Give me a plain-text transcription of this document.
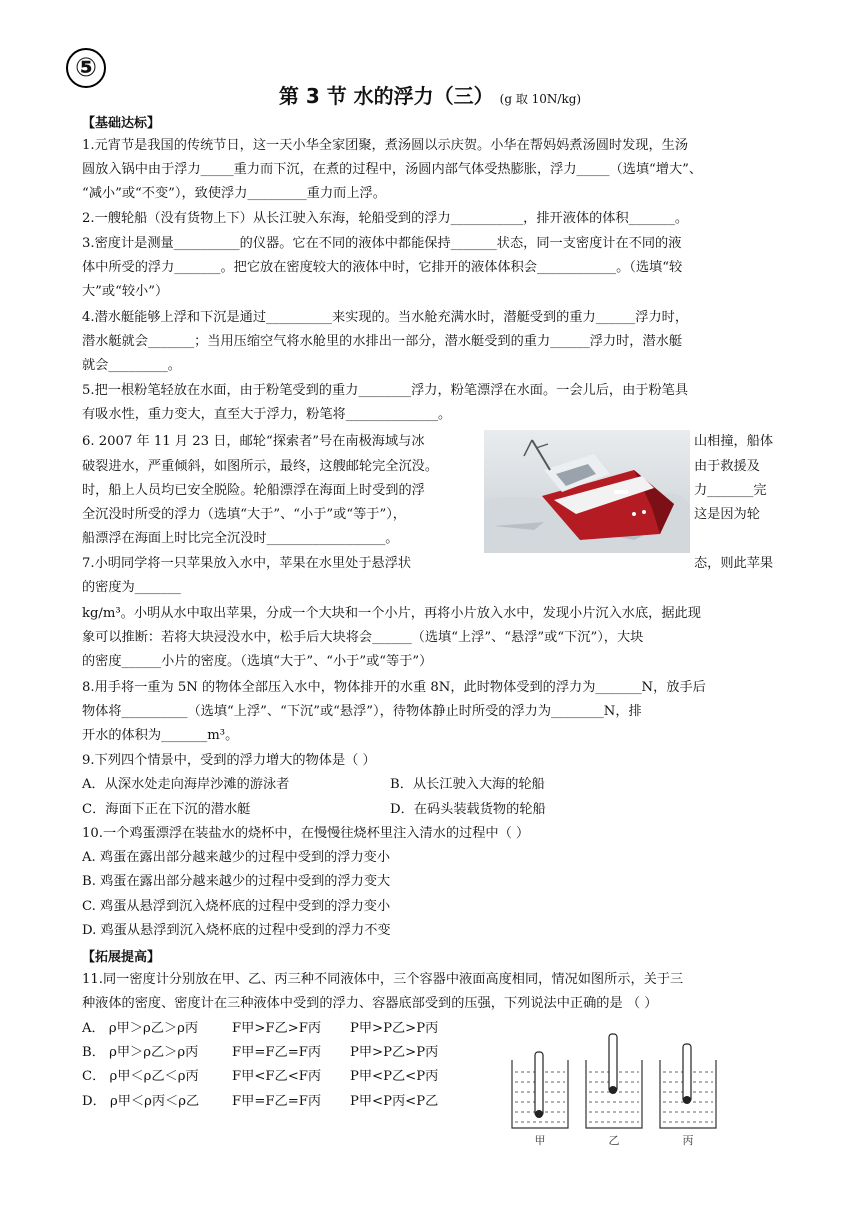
⑤
第 3 节 水的浮力（三） (g 取 10N/kg)
【基础达标】
1.元宵节是我国的传统节日，这一天小华全家团聚，煮汤圆以示庆贺。小华在帮妈妈煮汤圆时发现，生汤
圆放入锅中由于浮力_____重力而下沉，在煮的过程中，汤圆内部气体受热膨胀，浮力_____（选填“增大”、
“减小”或“不变”），致使浮力_________重力而上浮。
2.一艘轮船（没有货物上下）从长江驶入东海，轮船受到的浮力___________，排开液体的体积_______。
3.密度计是测量__________的仪器。它在不同的液体中都能保持_______状态，同一支密度计在不同的液
体中所受的浮力_______。把它放在密度较大的液体中时，它排开的液体体积会____________。（选填“较
大”或“较小”）
4.潜水艇能够上浮和下沉是通过__________来实现的。当水舱充满水时，潜艇受到的重力______浮力时，
潜水艇就会_______；当用压缩空气将水舱里的水排出一部分，潜水艇受到的重力______浮力时，潜水艇
就会_________。
5.把一根粉笔轻放在水面，由于粉笔受到的重力________浮力，粉笔漂浮在水面。一会儿后，由于粉笔具
有吸水性，重力变大，直至大于浮力，粉笔将______________。
6. 2007 年 11 月 23 日，邮轮“探索者”号在南极海域与冰
破裂进水，严重倾斜，如图所示，最终，这艘邮轮完全沉没。
时，船上人员均已安全脱险。轮船漂浮在海面上时受到的浮
全沉没时所受的浮力（选填“大于”、“小于”或“等于”），
船漂浮在海面上时比完全沉没时__________________。
山相撞，船体
由于救援及
力_______完
这是因为轮
7.小明同学将一只苹果放入水中，苹果在水里处于悬浮状	态，则此苹果
的密度为_______
kg/m³。小明从水中取出苹果，分成一个大块和一个小片，再将小片放入水中，发现小片沉入水底，据此现
象可以推断：若将大块浸没水中，松手后大块将会______（选填“上浮”、“悬浮”或“下沉”），大块
的密度______小片的密度。（选填“大于”、“小于”或“等于”）
8.用手将一重为 5N 的物体全部压入水中，物体排开的水重 8N，此时物体受到的浮力为_______N，放手后
物体将__________（选填“上浮”、“下沉”或“悬浮”），待物体静止时所受的浮力为________N，排
开水的体积为_______m³。
9.下列四个情景中，受到的浮力增大的物体是（ ）
A．从深水处走向海岸沙滩的游泳者	B．从长江驶入大海的轮船
C．海面下正在下沉的潜水艇	D．在码头装载货物的轮船
10.一个鸡蛋漂浮在装盐水的烧杯中，在慢慢往烧杯里注入清水的过程中（ ）
A. 鸡蛋在露出部分越来越少的过程中受到的浮力变小
B. 鸡蛋在露出部分越来越少的过程中受到的浮力变大
C. 鸡蛋从悬浮到沉入烧杯底的过程中受到的浮力变小
D. 鸡蛋从悬浮到沉入烧杯底的过程中受到的浮力不变
【拓展提高】
11.同一密度计分别放在甲、乙、丙三种不同液体中，三个容器中液面高度相同，情况如图所示，关于三
种液体的密度、密度计在三种液体中受到的浮力、容器底部受到的压强，下列说法中正确的是 （ ）
A． ρ甲＞ρ乙＞ρ丙	F甲>F乙>F丙 P甲>P乙>P丙
B． ρ甲＞ρ乙＞ρ丙	F甲=F乙=F丙 P甲>P乙>P丙
C． ρ甲＜ρ乙＜ρ丙	F甲<F乙<F丙 P甲<P乙<P丙
D． ρ甲＜ρ丙＜ρ乙 F甲=F乙=F丙 P甲<P丙<P乙
甲	乙	丙
